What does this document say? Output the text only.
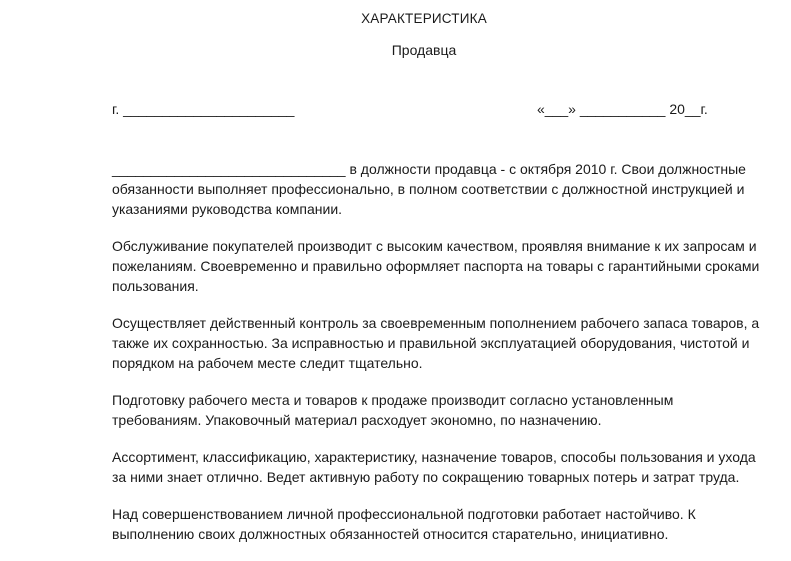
ХАРАКТЕРИСТИКА
Продавца
г. ______________________	«___» ___________ 20__г.

______________________________ в должности продавца - с октября 2010 г. Свои должностные
обязанности выполняет профессионально, в полном соответствии с должностной инструкцией и
указаниями руководства компании.

Обслуживание покупателей производит с высоким качеством, проявляя внимание к их запросам и
пожеланиям. Своевременно и правильно оформляет паспорта на товары с гарантийными сроками
пользования.

Осуществляет действенный контроль за своевременным пополнением рабочего запаса товаров, а
также их сохранностью. За исправностью и правильной эксплуатацией оборудования, чистотой и
порядком на рабочем месте следит тщательно.

Подготовку рабочего места и товаров к продаже производит согласно установленным
требованиям. Упаковочный материал расходует экономно, по назначению.

Ассортимент, классификацию, характеристику, назначение товаров, способы пользования и ухода
за ними знает отлично. Ведет активную работу по сокращению товарных потерь и затрат труда.

Над совершенствованием личной профессиональной подготовки работает настойчиво. К
выполнению своих должностных обязанностей относится старательно, инициативно.
